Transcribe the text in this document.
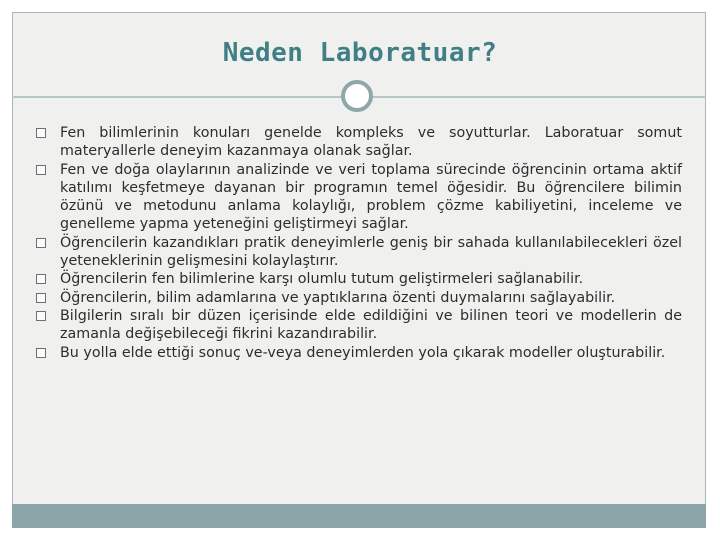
Neden Laboratuar?
Fen bilimlerinin konuları genelde kompleks ve soyutturlar. Laboratuar somut materyallerle deneyim kazanmaya olanak sağlar.
Fen ve doğa olaylarının analizinde ve veri toplama sürecinde öğrencinin ortama aktif katılımı keşfetmeye dayanan bir programın temel öğesidir. Bu öğrencilere bilimin özünü ve metodunu anlama kolaylığı, problem çözme kabiliyetini, inceleme ve genelleme yapma yeteneğini geliştirmeyi sağlar.
Öğrencilerin kazandıkları pratik deneyimlerle geniş bir sahada kullanılabilecekleri özel yeteneklerinin gelişmesini kolaylaştırır.
Öğrencilerin fen bilimlerine karşı olumlu tutum geliştirmeleri sağlanabilir.
Öğrencilerin, bilim adamlarına ve yaptıklarına özenti duymalarını sağlayabilir.
Bilgilerin sıralı bir düzen içerisinde elde edildiğini ve bilinen teori ve modellerin de zamanla değişebileceği fikrini kazandırabilir.
Bu yolla elde ettiği sonuç ve-veya deneyimlerden yola çıkarak modeller oluşturabilir.
